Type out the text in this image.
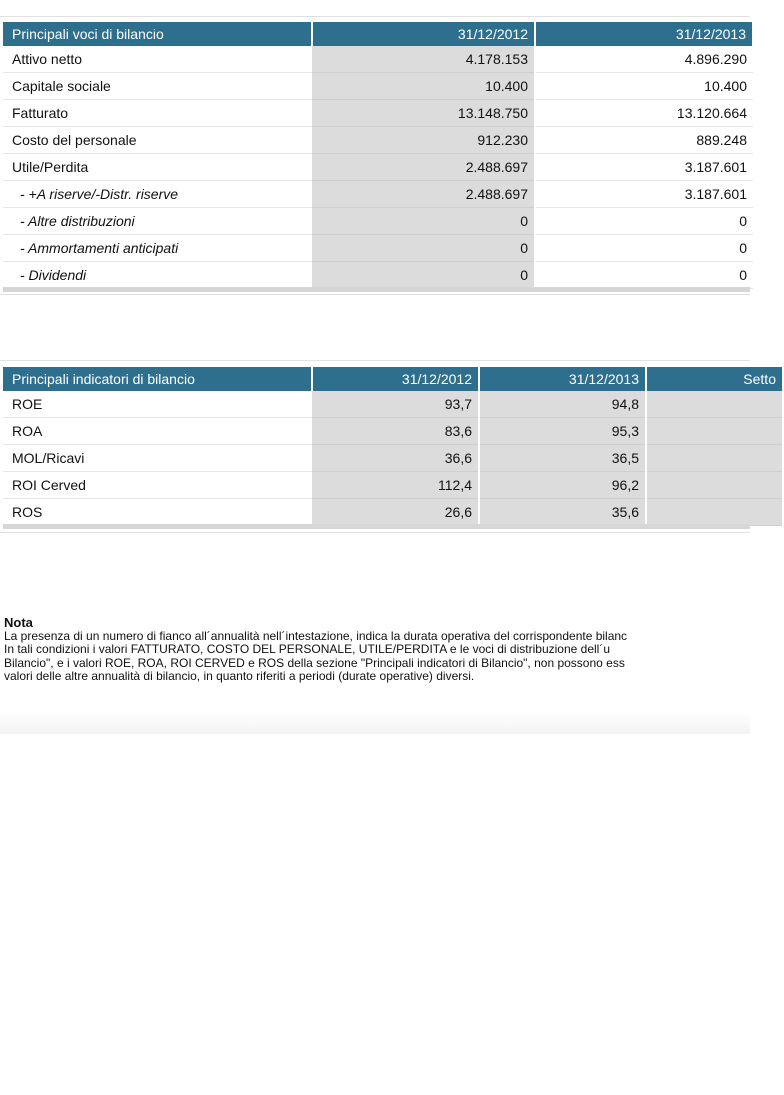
Principali voci di bilancio	31/12/2012	31/12/2013
Attivo netto	4.178.153	4.896.290
Capitale sociale	10.400	10.400
Fatturato	13.148.750	13.120.664
Costo del personale	912.230	889.248
Utile/Perdita	2.488.697	3.187.601
- +A riserve/-Distr. riserve	2.488.697	3.187.601
- Altre distribuzioni	0	0
- Ammortamenti anticipati	0	0
- Dividendi	0	0
Principali indicatori di bilancio	31/12/2012	31/12/2013	Setto
ROE	93,7	94,8	
ROA	83,6	95,3	
MOL/Ricavi	36,6	36,5	
ROI Cerved	112,4	96,2	
ROS	26,6	35,6	
Nota
La presenza di un numero di fianco all´annualità nell´intestazione, indica la durata operativa del corrispondente bilanc
In tali condizioni i valori FATTURATO, COSTO DEL PERSONALE, UTILE/PERDITA e le voci di distribuzione dell´u
Bilancio", e i valori ROE, ROA, ROI CERVED e ROS della sezione "Principali indicatori di Bilancio", non possono ess
valori delle altre annualità di bilancio, in quanto riferiti a periodi (durate operative) diversi.
